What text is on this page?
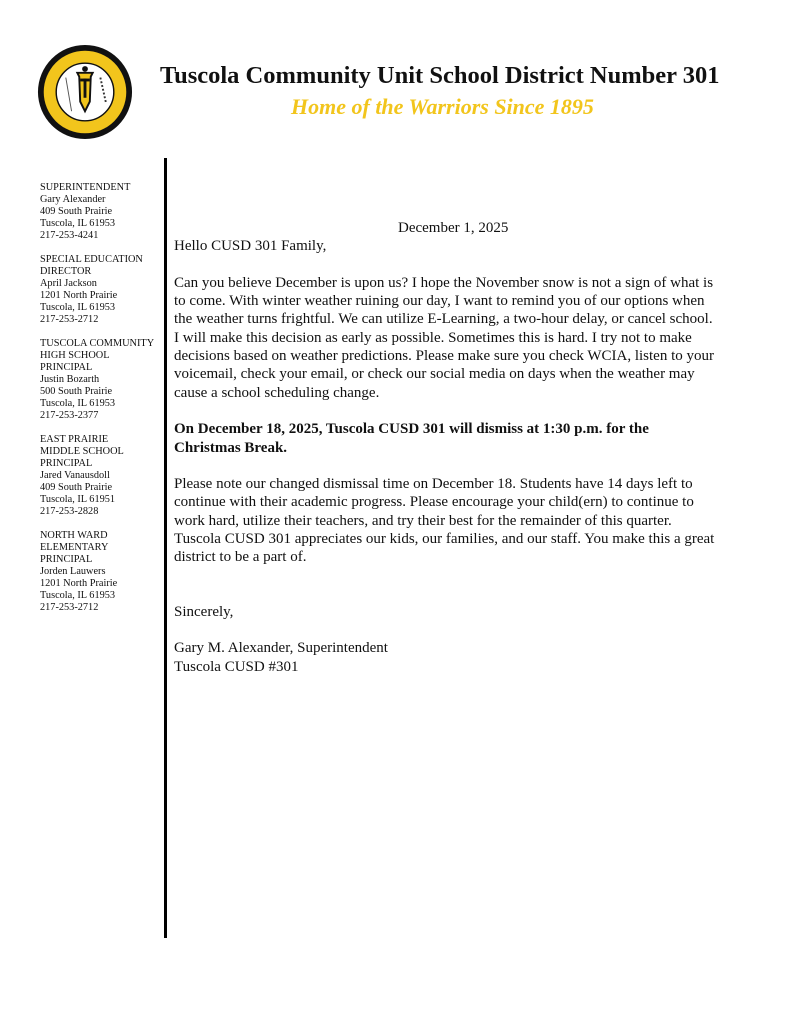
Tuscola Community Unit School District Number 301
Home of the Warriors Since 1895
SUPERINTENDENT
Gary Alexander
409 South Prairie
Tuscola, IL 61953
217-253-4241
SPECIAL EDUCATION
DIRECTOR
April Jackson
1201 North Prairie
Tuscola, IL 61953
217-253-2712
TUSCOLA COMMUNITY
HIGH SCHOOL
PRINCIPAL
Justin Bozarth
500 South Prairie
Tuscola, IL 61953
217-253-2377
EAST PRAIRIE
MIDDLE SCHOOL
PRINCIPAL
Jared Vanausdoll
409 South Prairie
Tuscola, IL 61951
217-253-2828
NORTH WARD
ELEMENTARY
PRINCIPAL
Jorden Lauwers
1201 North Prairie
Tuscola, IL 61953
217-253-2712
December 1, 2025

Hello CUSD 301 Family,

Can you believe December is upon us? I hope the November snow is not a sign of what is
to come. With winter weather ruining our day, I want to remind you of our options when
the weather turns frightful. We can utilize E-Learning, a two-hour delay, or cancel school.
I will make this decision as early as possible. Sometimes this is hard. I try not to make
decisions based on weather predictions. Please make sure you check WCIA, listen to your
voicemail, check your email, or check our social media on days when the weather may
cause a school scheduling change.

On December 18, 2025, Tuscola CUSD 301 will dismiss at 1:30 p.m. for the
Christmas Break.

Please note our changed dismissal time on December 18. Students have 14 days left to
continue with their academic progress. Please encourage your child(ern) to continue to
work hard, utilize their teachers, and try their best for the remainder of this quarter.
Tuscola CUSD 301 appreciates our kids, our families, and our staff. You make this a great
district to be a part of.

Sincerely,

Gary M. Alexander, Superintendent
Tuscola CUSD #301
